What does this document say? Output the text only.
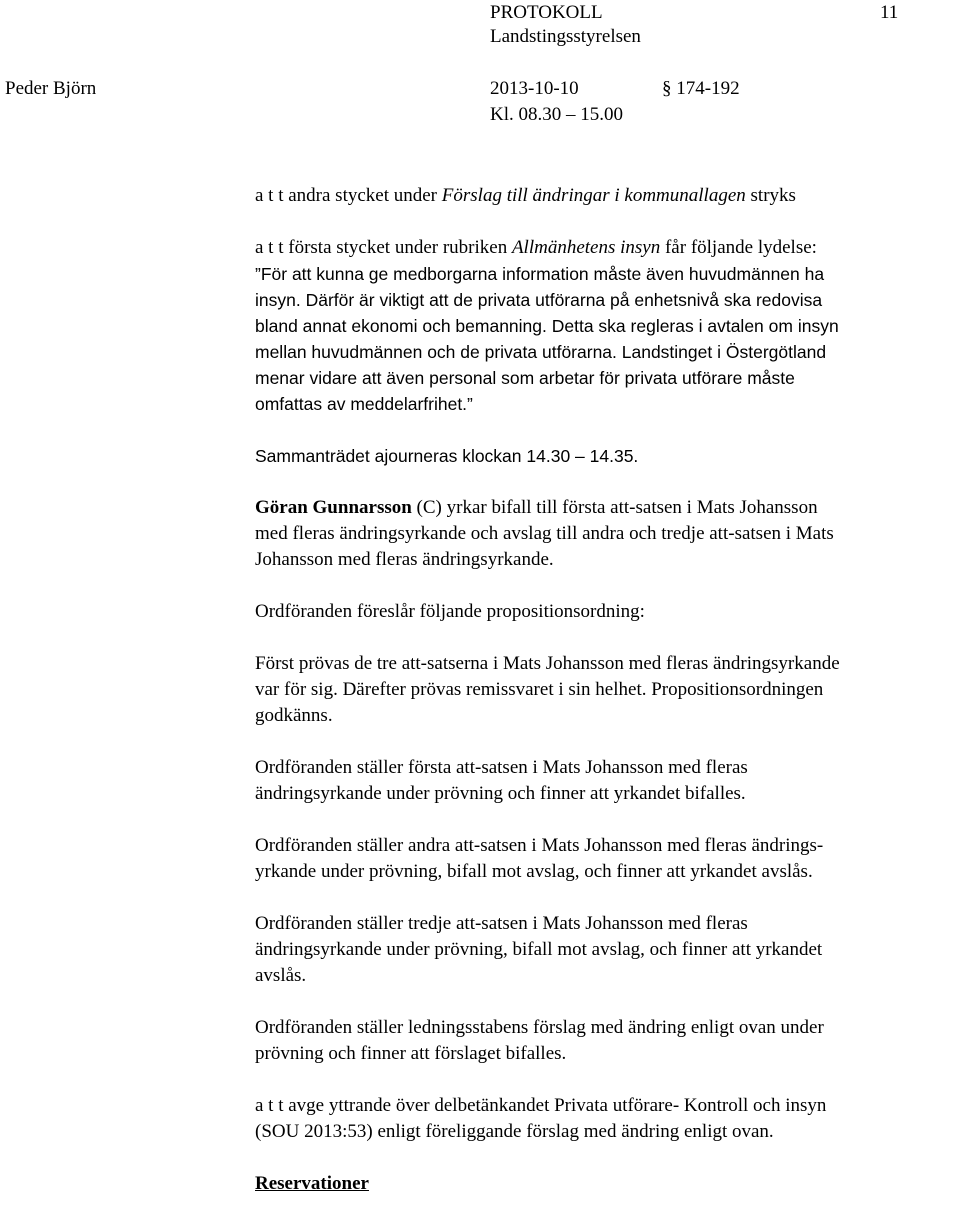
PROTOKOLL	11
Landstingsstyrelsen
Peder Björn	2013-10-10	§ 174-192
Kl. 08.30 – 15.00

a t t andra stycket under Förslag till ändringar i kommunallagen stryks

a t t första stycket under rubriken Allmänhetens insyn får följande lydelse:

”För att kunna ge medborgarna information måste även huvudmännen ha
insyn. Därför är viktigt att de privata utförarna på enhetsnivå ska redovisa
bland annat ekonomi och bemanning. Detta ska regleras i avtalen om insyn
mellan huvudmännen och de privata utförarna. Landstinget i Östergötland
menar vidare att även personal som arbetar för privata utförare måste
omfattas av meddelarfrihet.”

Sammanträdet ajourneras klockan 14.30 – 14.35.

Göran Gunnarsson (C) yrkar bifall till första att-satsen i Mats Johansson
med fleras ändringsyrkande och avslag till andra och tredje att-satsen i Mats
Johansson med fleras ändringsyrkande.

Ordföranden föreslår följande propositionsordning:

Först prövas de tre att-satserna i Mats Johansson med fleras ändringsyrkande
var för sig. Därefter prövas remissvaret i sin helhet. Propositionsordningen
godkänns.

Ordföranden ställer första att-satsen i Mats Johansson med fleras
ändringsyrkande under prövning och finner att yrkandet bifalles.

Ordföranden ställer andra att-satsen i Mats Johansson med fleras ändrings-
yrkande under prövning, bifall mot avslag, och finner att yrkandet avslås.

Ordföranden ställer tredje att-satsen i Mats Johansson med fleras
ändringsyrkande under prövning, bifall mot avslag, och finner att yrkandet
avslås.

Ordföranden ställer ledningsstabens förslag med ändring enligt ovan under
prövning och finner att förslaget bifalles.

a t t avge yttrande över delbetänkandet Privata utförare- Kontroll och insyn
(SOU 2013:53) enligt föreliggande förslag med ändring enligt ovan.

Reservationer
